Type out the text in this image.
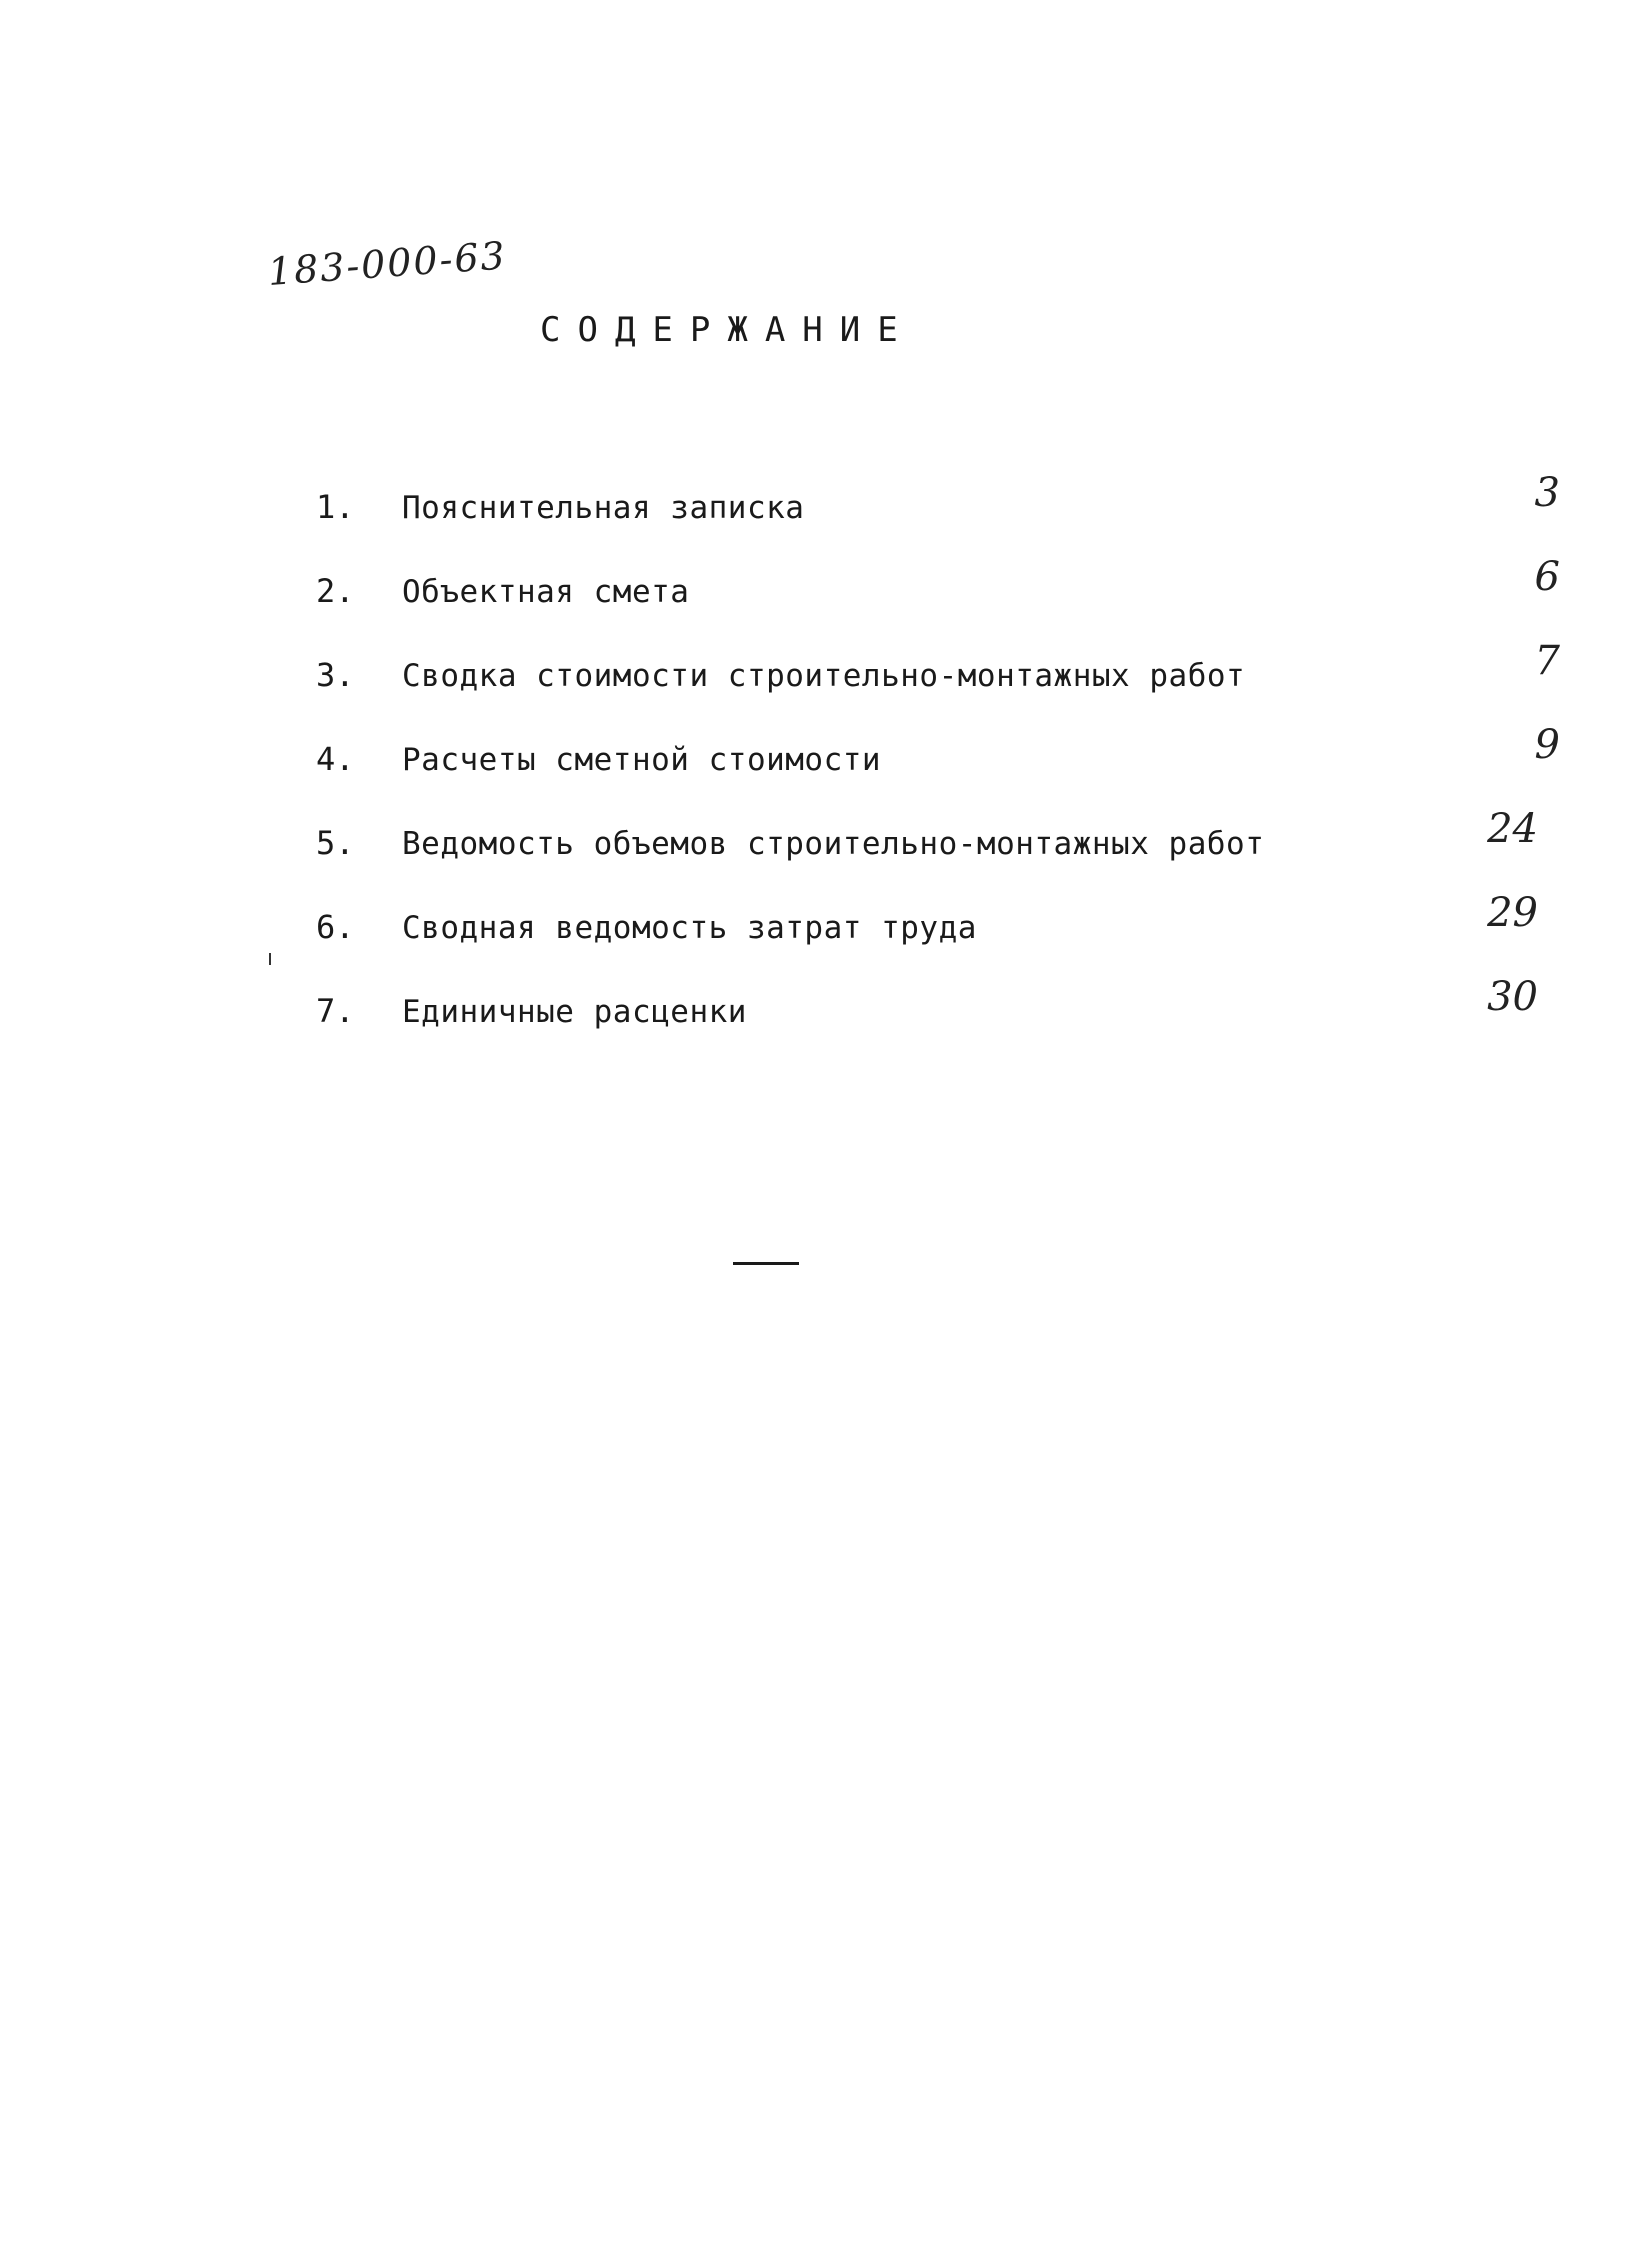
183-000-63
СОДЕРЖАНИЕ
1. Пояснительная записка	3
2. Объектная смета	6
3. Сводка стоимости строительно-монтажных работ	7
4. Расчеты сметной стоимости	9
5. Ведомость объемов строительно-монтажных работ	24
6. Сводная ведомость затрат труда	29
7. Единичные расценки	30
